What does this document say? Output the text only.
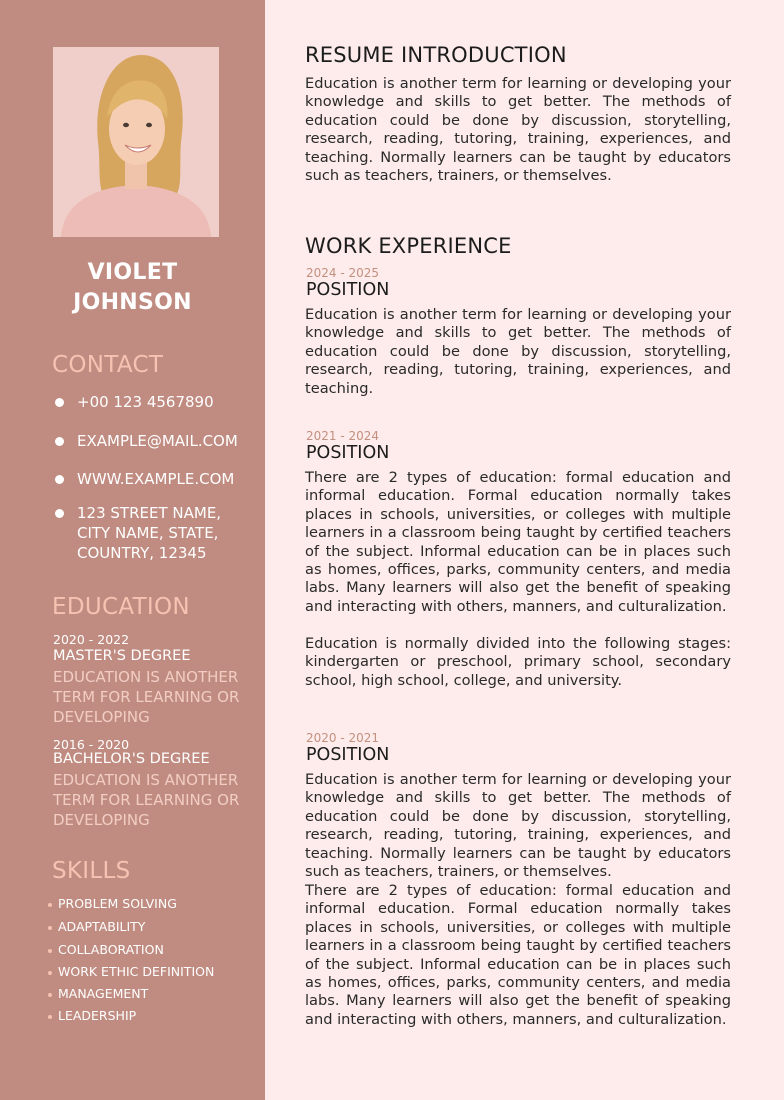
VIOLET
JOHNSON
CONTACT
+00 123 4567890
EXAMPLE@MAIL.COM
WWW.EXAMPLE.COM
123 STREET NAME,
CITY NAME, STATE,
COUNTRY, 12345
EDUCATION
2020 - 2022
MASTER'S DEGREE
EDUCATION IS ANOTHER
TERM FOR LEARNING OR
DEVELOPING
2016 - 2020
BACHELOR'S DEGREE
EDUCATION IS ANOTHER
TERM FOR LEARNING OR
DEVELOPING
SKILLS
PROBLEM SOLVING
ADAPTABILITY
COLLABORATION
WORK ETHIC DEFINITION
MANAGEMENT
LEADERSHIP
RESUME INTRODUCTION
Education is another term for learning or developing your knowledge and skills to get better. The methods of education could be done by discussion, storytelling, research, reading, tutoring, training, experiences, and teaching. Normally learners can be taught by educators such as teachers, trainers, or themselves.
WORK EXPERIENCE
2024 - 2025
POSITION
Education is another term for learning or developing your knowledge and skills to get better. The methods of education could be done by discussion, storytelling, research, reading, tutoring, training, experiences, and teaching.
2021 - 2024
POSITION
There are 2 types of education: formal education and informal education. Formal education normally takes places in schools, universities, or colleges with multiple learners in a classroom being taught by certified teachers of the subject. Informal education can be in places such as homes, offices, parks, community centers, and media labs. Many learners will also get the benefit of speaking and interacting with others, manners, and culturalization.
Education is normally divided into the following stages: kindergarten or preschool, primary school, secondary school, high school, college, and university.
2020 - 2021
POSITION
Education is another term for learning or developing your knowledge and skills to get better. The methods of education could be done by discussion, storytelling, research, reading, tutoring, training, experiences, and teaching. Normally learners can be taught by educators such as teachers, trainers, or themselves.
There are 2 types of education: formal education and informal education. Formal education normally takes places in schools, universities, or colleges with multiple learners in a classroom being taught by certified teachers of the subject. Informal education can be in places such as homes, offices, parks, community centers, and media labs. Many learners will also get the benefit of speaking and interacting with others, manners, and culturalization.
